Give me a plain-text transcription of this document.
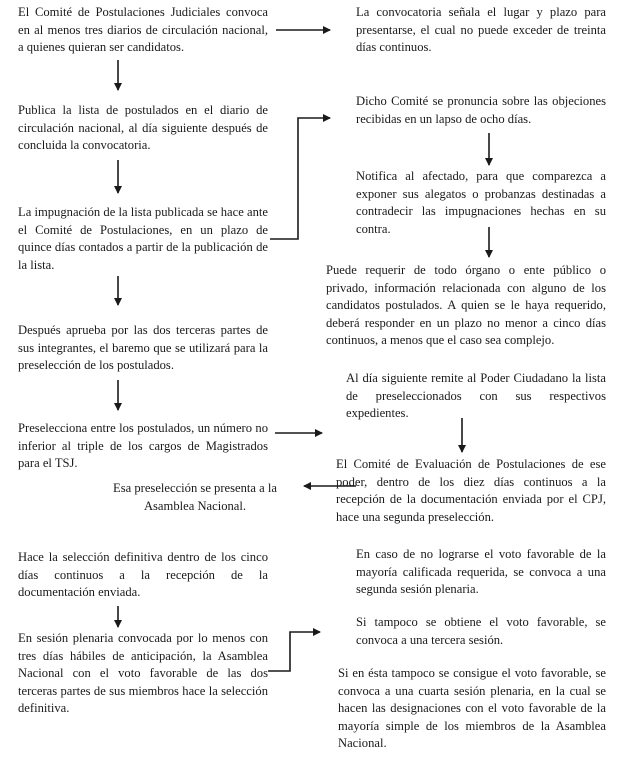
El Comité de Postulaciones Judiciales convoca en al menos tres diarios de circulación nacional, a quienes quieran ser candidatos.
Publica la lista de postulados en el diario de circulación nacional, al día siguiente después de concluida la convocatoria.
La impugnación de la lista publicada se hace ante el Comité de Postulaciones, en un plazo de quince días contados a partir de la publicación de la lista.
Después aprueba por las dos terceras partes de sus integrantes, el baremo que se utilizará para la preselección de los postulados.
Preselecciona entre los postulados, un número no inferior al triple de los cargos de Magistrados para el TSJ.
Esa preselección se presenta a la Asamblea Nacional.
Hace la selección definitiva dentro de los cinco días continuos a la recepción de la documentación enviada.
En sesión plenaria convocada por lo menos con tres días hábiles de anticipación, la Asamblea Nacional con el voto favorable de las dos terceras partes de sus miembros hace la selección definitiva.
La convocatoria señala el lugar y plazo para presentarse, el cual no puede exceder de treinta días continuos.
Dicho Comité se pronuncia sobre las objeciones recibidas en un lapso de ocho días.
Notifica al afectado, para que comparezca a exponer sus alegatos o probanzas destinadas a contradecir las impugnaciones hechas en su contra.
Puede requerir de todo órgano o ente público o privado, información relacionada con alguno de los candidatos postulados. A quien se le haya requerido, deberá responder en un plazo no menor a cinco días continuos, a menos que el caso sea complejo.
Al día siguiente remite al Poder Ciudadano la lista de preseleccionados con sus respectivos expedientes.
El Comité de Evaluación de Postulaciones de ese poder, dentro de los diez días continuos a la recepción de la documentación enviada por el CPJ, hace una segunda preselección.
En caso de no lograrse el voto favorable de la mayoría calificada requerida, se convoca a una segunda sesión plenaria.
Si tampoco se obtiene el voto favorable, se convoca a una tercera sesión.
Si en ésta tampoco se consigue el voto favorable, se convoca a una cuarta sesión plenaria, en la cual se hacen las designaciones con el voto favorable de la mayoría simple de los miembros de la Asamblea Nacional.
